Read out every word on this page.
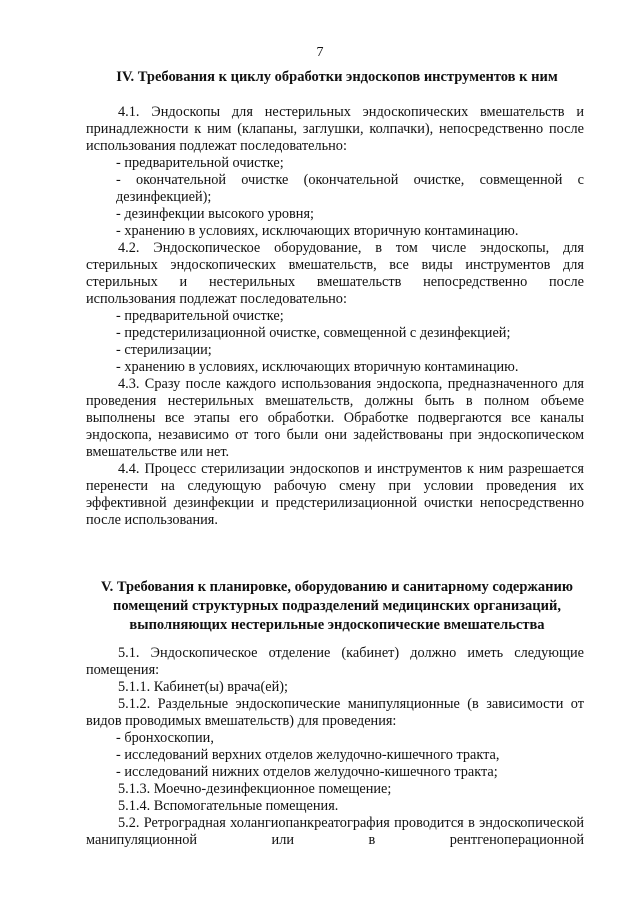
7
IV. Требования к циклу обработки эндоскопов инструментов к ним

4.1. Эндоскопы для нестерильных эндоскопических вмешательств и принадлежности к ним (клапаны, заглушки, колпачки), непосредственно после использования подлежат последовательно:

- предварительной очистке;

- окончательной очистке (окончательной очистке, совмещенной с дезинфекцией);

- дезинфекции высокого уровня;

- хранению в условиях, исключающих вторичную контаминацию.

4.2. Эндоскопическое оборудование, в том числе эндоскопы, для стерильных эндоскопических вмешательств, все виды инструментов для стерильных и нестерильных вмешательств непосредственно после использования подлежат последовательно:

- предварительной очистке;

- предстерилизационной очистке, совмещенной с дезинфекцией;

- стерилизации;

- хранению в условиях, исключающих вторичную контаминацию.

4.3. Сразу после каждого использования эндоскопа, предназначенного для проведения нестерильных вмешательств, должны быть в полном объеме выполнены все этапы его обработки. Обработке подвергаются все каналы эндоскопа, независимо от того были они задействованы при эндоскопическом вмешательстве или нет.

4.4. Процесс стерилизации эндоскопов и инструментов к ним разрешается перенести на следующую рабочую смену при условии проведения их эффективной дезинфекции и предстерилизационной очистки непосредственно после использования.

V. Требования к планировке, оборудованию и санитарному содержанию помещений структурных подразделений медицинских организаций, выполняющих нестерильные эндоскопические вмешательства

5.1. Эндоскопическое отделение (кабинет) должно иметь следующие помещения:

5.1.1. Кабинет(ы) врача(ей);

5.1.2. Раздельные эндоскопические манипуляционные (в зависимости от видов проводимых вмешательств) для проведения:

- бронхоскопии,

- исследований верхних отделов желудочно-кишечного тракта,

- исследований нижних отделов желудочно-кишечного тракта;

5.1.3. Моечно-дезинфекционное помещение;

5.1.4. Вспомогательные помещения.

5.2. Ретроградная холангиопанкреатография проводится в эндоскопической манипуляционной или в рентгеноперационной
